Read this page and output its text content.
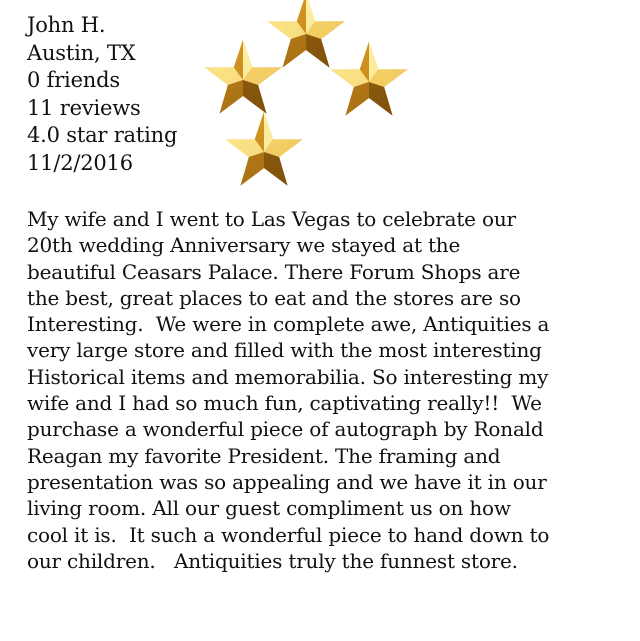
John H.
Austin, TX
0 friends
11 reviews
4.0 star rating
11/2/2016
My wife and I went to Las Vegas to celebrate our
20th wedding Anniversary we stayed at the
beautiful Ceasars Palace. There Forum Shops are
the best, great places to eat and the stores are so
Interesting.  We were in complete awe, Antiquities a
very large store and filled with the most interesting
Historical items and memorabilia. So interesting my
wife and I had so much fun, captivating really!!  We
purchase a wonderful piece of autograph by Ronald
Reagan my favorite President. The framing and
presentation was so appealing and we have it in our
living room. All our guest compliment us on how
cool it is.  It such a wonderful piece to hand down to
our children.   Antiquities truly the funnest store.
